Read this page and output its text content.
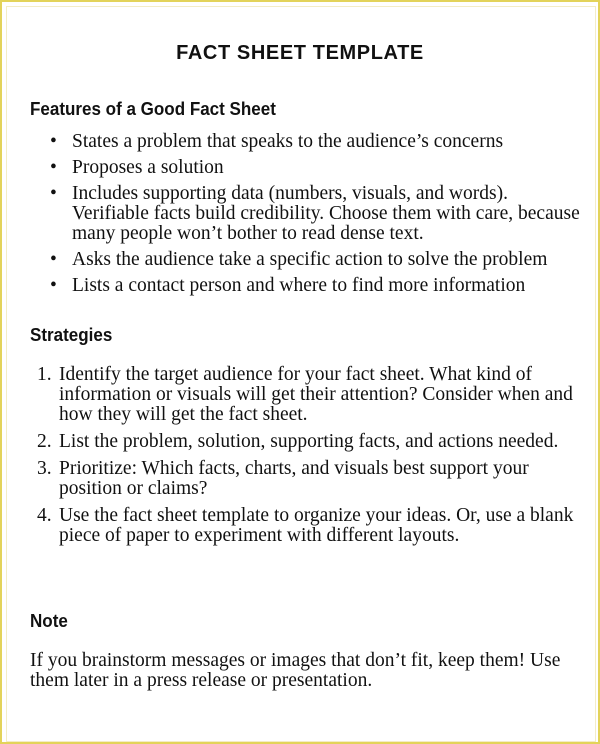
FACT SHEET TEMPLATE
Features of a Good Fact Sheet
• States a problem that speaks to the audience’s concerns
• Proposes a solution
• Includes supporting data (numbers, visuals, and words). Verifiable facts build credibility. Choose them with care, because many people won’t bother to read dense text.
• Asks the audience take a specific action to solve the problem
• Lists a contact person and where to find more information
Strategies
1. Identify the target audience for your fact sheet. What kind of information or visuals will get their attention? Consider when and how they will get the fact sheet.
2. List the problem, solution, supporting facts, and actions needed.
3. Prioritize: Which facts, charts, and visuals best support your position or claims?
4. Use the fact sheet template to organize your ideas. Or, use a blank piece of paper to experiment with different layouts.
Note

If you brainstorm messages or images that don’t fit, keep them! Use them later in a press release or presentation.
